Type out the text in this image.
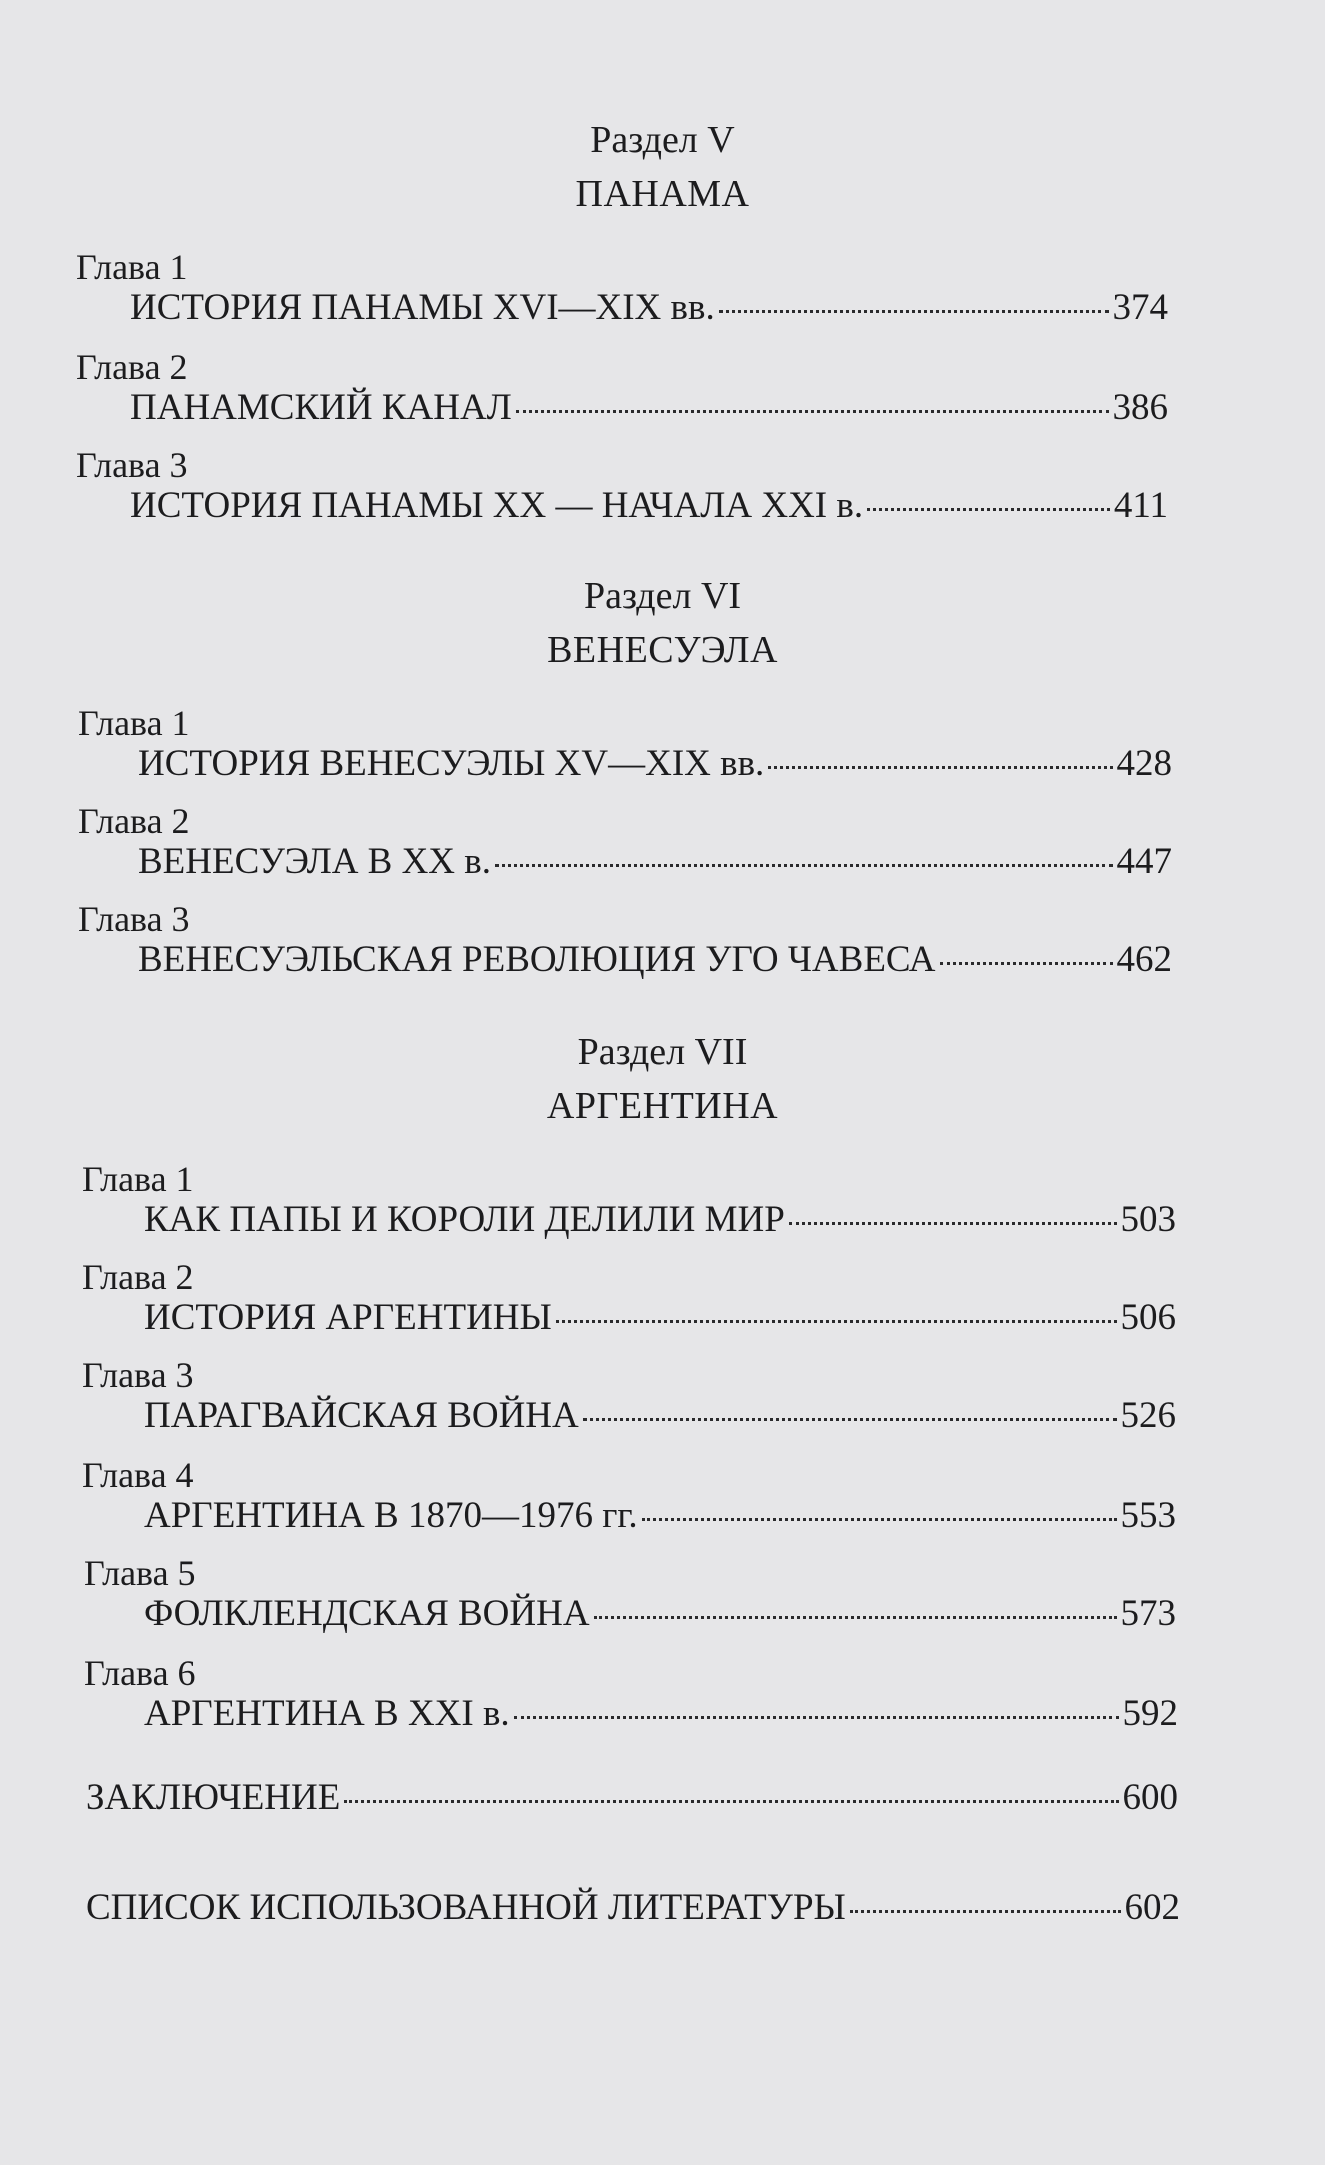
Раздел V
ПАНАМА
Глава 1
ИСТОРИЯ ПАНАМЫ XVI—XIX вв.	374
Глава 2
ПАНАМСКИЙ КАНАЛ	386
Глава 3
ИСТОРИЯ ПАНАМЫ XX — НАЧАЛА XXI в.	411
Раздел VI
ВЕНЕСУЭЛА
Глава 1
ИСТОРИЯ ВЕНЕСУЭЛЫ XV—XIX вв.	428
Глава 2
ВЕНЕСУЭЛА В XX в.	447
Глава 3
ВЕНЕСУЭЛЬСКАЯ РЕВОЛЮЦИЯ УГО ЧАВЕСА	462
Раздел VII
АРГЕНТИНА
Глава 1
КАК ПАПЫ И КОРОЛИ ДЕЛИЛИ МИР	503
Глава 2
ИСТОРИЯ АРГЕНТИНЫ	506
Глава 3
ПАРАГВАЙСКАЯ ВОЙНА	526
Глава 4
АРГЕНТИНА В 1870—1976 гг.	553
Глава 5
ФОЛКЛЕНДСКАЯ ВОЙНА	573
Глава 6
АРГЕНТИНА В XXI в.	592
ЗАКЛЮЧЕНИЕ	600
СПИСОК ИСПОЛЬЗОВАННОЙ ЛИТЕРАТУРЫ	602
